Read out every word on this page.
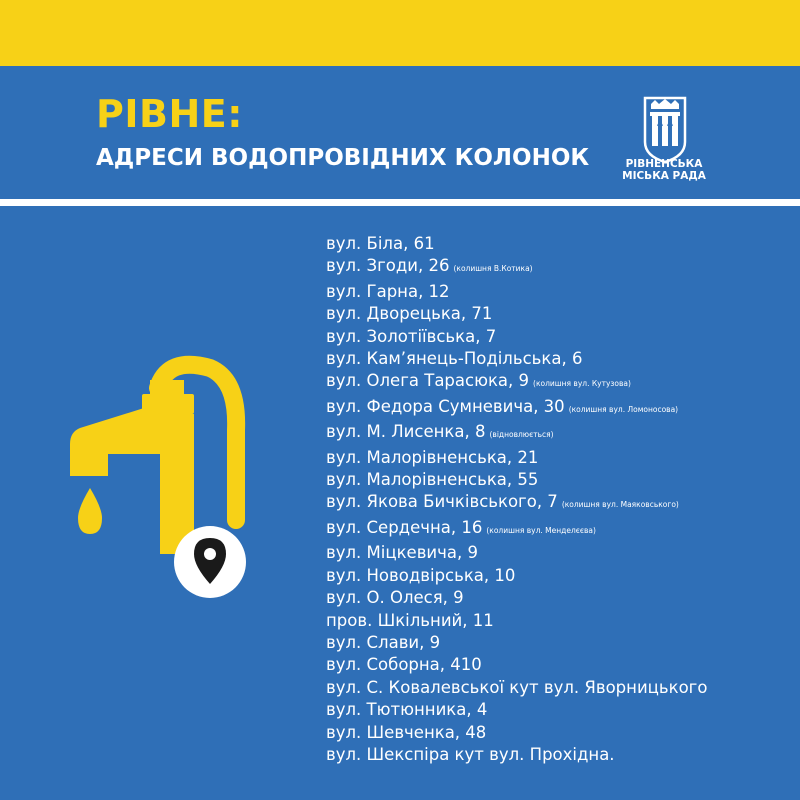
РІВНЕ:
АДРЕСИ ВОДОПРОВІДНИХ КОЛОНОК	РІВНЕНСЬКА
МІСЬКА РАДА
вул. Біла, 61
вул. Згоди, 26 (колишня В.Котика)
вул. Гарна, 12
вул. Дворецька, 71
вул. Золотіївська, 7
вул. Кам’янець-Подільська, 6
вул. Олега Тарасюка, 9 (колишня вул. Кутузова)
вул. Федора Сумневича, 30 (колишня вул. Ломоносова)
вул. М. Лисенка, 8 (відновлюється)
вул. Малорівненська, 21
вул. Малорівненська, 55
вул. Якова Бичківського, 7 (колишня вул. Маяковського)
вул. Сердечна, 16 (колишня вул. Менделєєва)
вул. Міцкевича, 9
вул. Новодвірська, 10
вул. О. Олеся, 9
пров. Шкільний, 11
вул. Слави, 9
вул. Соборна, 410
вул. С. Ковалевської кут вул. Яворницького
вул. Тютюнника, 4
вул. Шевченка, 48
вул. Шекспіра кут вул. Прохідна.
